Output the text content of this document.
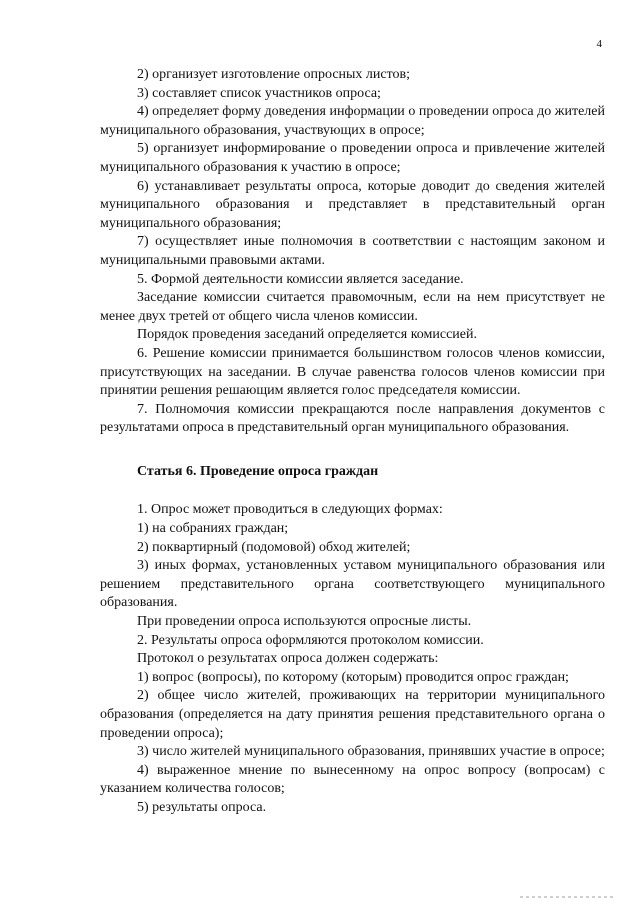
4

2) организует изготовление опросных листов;

3) составляет список участников опроса;

4) определяет форму доведения информации о проведении опроса до жителей муниципального образования, участвующих в опросе;

5) организует информирование о проведении опроса и привлечение жителей муниципального образования к участию в опросе;

6) устанавливает результаты опроса, которые доводит до сведения жителей муниципального образования и представляет в представительный орган муниципального образования;

7) осуществляет иные полномочия в соответствии с настоящим законом и муниципальными правовыми актами.

5. Формой деятельности комиссии является заседание.

Заседание комиссии считается правомочным, если на нем присутствует не менее двух третей от общего числа членов комиссии.

Порядок проведения заседаний определяется комиссией.

6. Решение комиссии принимается большинством голосов членов комиссии, присутствующих на заседании. В случае равенства голосов членов комиссии при принятии решения решающим является голос председателя комиссии.

7. Полномочия комиссии прекращаются после направления документов с результатами опроса в представительный орган муниципального образования.

Статья 6. Проведение опроса граждан

1. Опрос может проводиться в следующих формах:

1) на собраниях граждан;

2) поквартирный (подомовой) обход жителей;

3) иных формах, установленных уставом муниципального образования или решением представительного органа соответствующего муниципального образования.

При проведении опроса используются опросные листы.

2. Результаты опроса оформляются протоколом комиссии.

Протокол о результатах опроса должен содержать:

1) вопрос (вопросы), по которому (которым) проводится опрос граждан;

2) общее число жителей, проживающих на территории муниципального образования (определяется на дату принятия решения представительного органа о проведении опроса);

3) число жителей муниципального образования, принявших участие в опросе;

4) выраженное мнение по вынесенному на опрос вопросу (вопросам) с указанием количества голосов;

5) результаты опроса.
